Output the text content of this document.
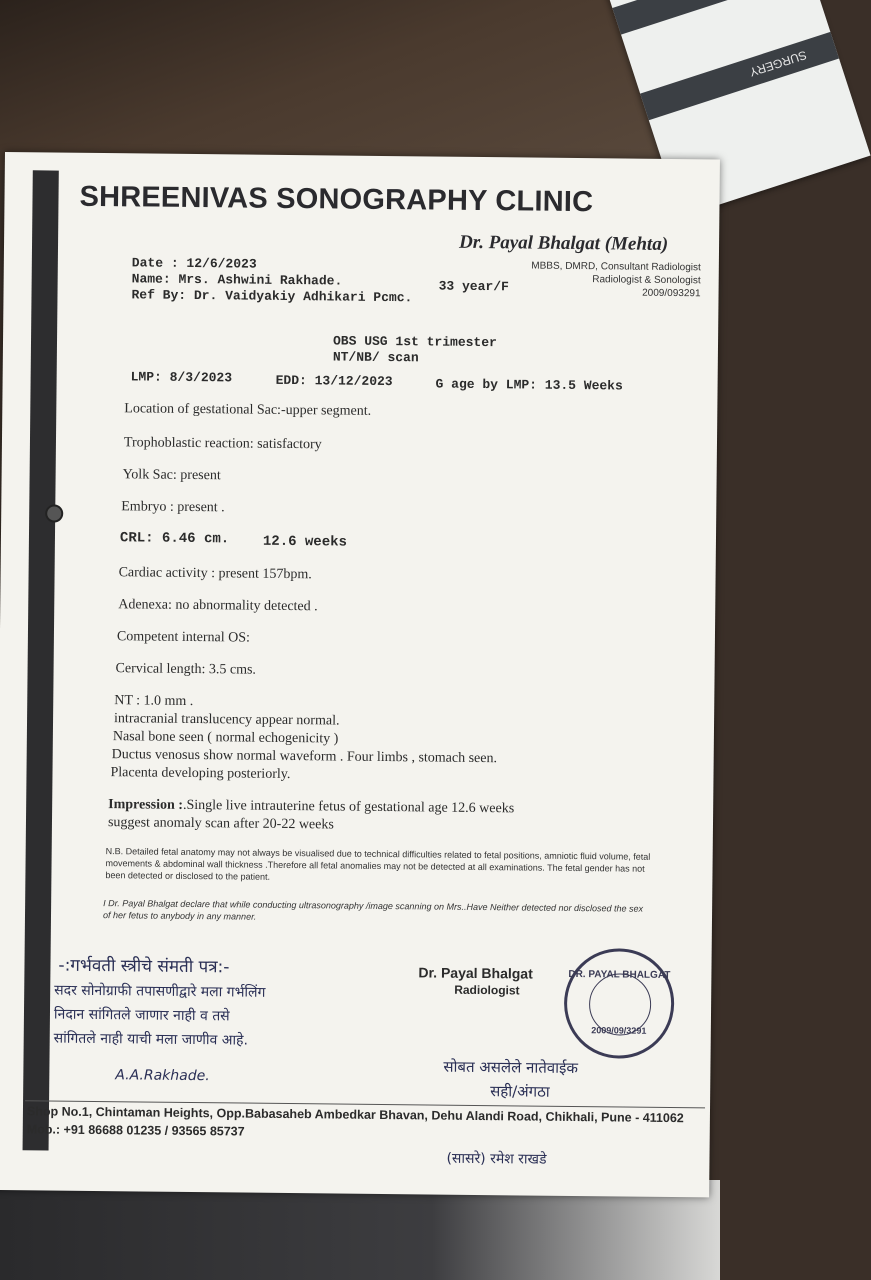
SURGERY
SHREENIVAS SONOGRAPHY CLINIC
Dr. Payal Bhalgat (Mehta)
MBBS, DMRD, Consultant Radiologist
Radiologist & Sonologist
2009/093291
Date : 12/6/2023
Name: Mrs. Ashwini Rakhade.	33 year/F
Ref By: Dr. Vaidyakiy Adhikari Pcmc.
OBS USG 1st trimester
NT/NB/ scan
LMP: 8/3/2023	EDD: 13/12/2023	G age by LMP: 13.5 Weeks
Location of gestational Sac:-upper segment.
Trophoblastic reaction: satisfactory
Yolk Sac: present
Embryo : present .
CRL: 6.46 cm. 12.6 weeks
Cardiac activity : present 157bpm.
Adenexa: no abnormality detected .
Competent internal OS:
Cervical length: 3.5 cms.
NT : 1.0 mm .
intracranial translucency appear normal.
Nasal bone seen ( normal echogenicity )
Ductus venosus show normal waveform . Four limbs , stomach seen.
Placenta developing posteriorly.
Impression :.Single live intrauterine fetus of gestational age 12.6 weeks
suggest anomaly scan after 20-22 weeks
N.B. Detailed fetal anatomy may not always be visualised due to technical difficulties related to fetal positions, amniotic fluid volume, fetal movements & abdominal wall thickness .Therefore all fetal anomalies may not be detected at all examinations. The fetal gender has not been detected or disclosed to the patient.
I Dr. Payal Bhalgat declare that while conducting ultrasonography /image scanning on Mrs..Have Neither detected nor disclosed the sex of her fetus to anybody in any manner.
-:गर्भवती स्त्रीचे संमती पत्र:-
सदर सोनोग्राफी तपासणीद्वारे मला गर्भलिंग
निदान सांगितले जाणार नाही व तसे
सांगितले नाही याची मला जाणीव आहे.
A.A.Rakhade.
Dr. Payal Bhalgat
Radiologist
DR. PAYAL BHALGAT
2009/09/3291
सोबत असलेले नातेवाईक
सही/अंगठा
Shop No.1, Chintaman Heights, Opp.Babasaheb Ambedkar Bhavan, Dehu Alandi Road, Chikhali, Pune - 411062
Mob.: +91 86688 01235 / 93565 85737
(सासरे) रमेश राखडे
